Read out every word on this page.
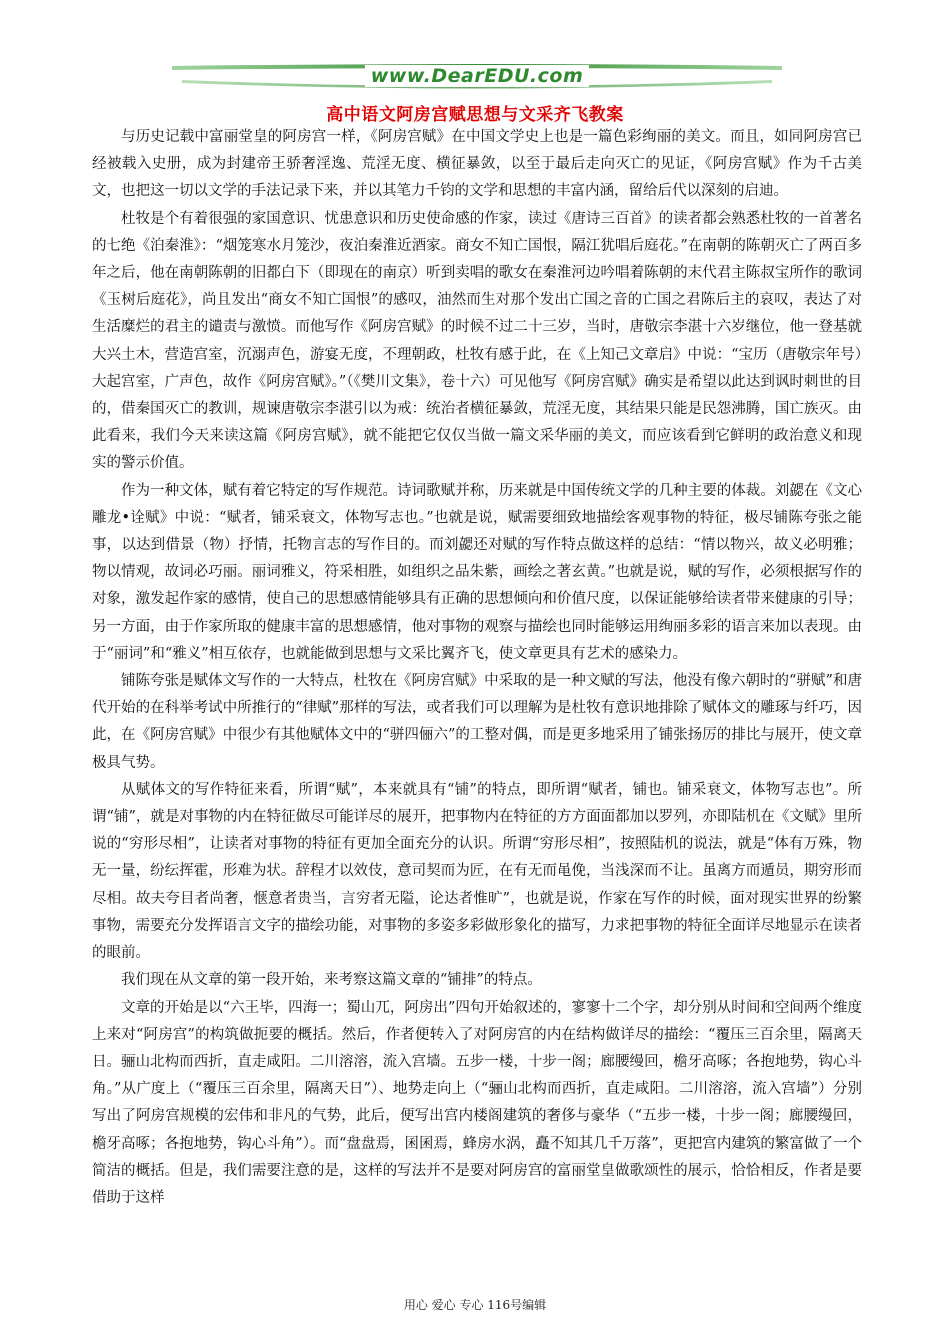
www.DearEDU.com
高中语文阿房宫赋思想与文采齐飞教案

与历史记载中富丽堂皇的阿房宫一样，《阿房宫赋》在中国文学史上也是一篇色彩绚丽的美文。而且，如同阿房宫已经被载入史册，成为封建帝王骄奢淫逸、荒淫无度、横征暴敛，以至于最后走向灭亡的见证，《阿房宫赋》作为千古美文，也把这一切以文学的手法记录下来，并以其笔力千钧的文学和思想的丰富内涵，留给后代以深刻的启迪。

杜牧是个有着很强的家国意识、忧患意识和历史使命感的作家，读过《唐诗三百首》的读者都会熟悉杜牧的一首著名的七绝《泊秦淮》：“烟笼寒水月笼沙，夜泊秦淮近酒家。商女不知亡国恨，隔江犹唱后庭花。”在南朝的陈朝灭亡了两百多年之后，他在南朝陈朝的旧都白下（即现在的南京）听到卖唱的歌女在秦淮河边吟唱着陈朝的末代君主陈叔宝所作的歌词《玉树后庭花》，尚且发出“商女不知亡国恨”的感叹，油然而生对那个发出亡国之音的亡国之君陈后主的哀叹，表达了对生活糜烂的君主的谴责与激愤。而他写作《阿房宫赋》的时候不过二十三岁，当时，唐敬宗李湛十六岁继位，他一登基就大兴土木，营造宫室，沉溺声色，游宴无度，不理朝政，杜牧有感于此，在《上知己文章启》中说：“宝历（唐敬宗年号）大起宫室，广声色，故作《阿房宫赋》。”（《樊川文集》，卷十六）可见他写《阿房宫赋》确实是希望以此达到讽时刺世的目的，借秦国灭亡的教训，规谏唐敬宗李湛引以为戒：统治者横征暴敛，荒淫无度，其结果只能是民怨沸腾，国亡族灭。由此看来，我们今天来读这篇《阿房宫赋》，就不能把它仅仅当做一篇文采华丽的美文，而应该看到它鲜明的政治意义和现实的警示价值。

作为一种文体，赋有着它特定的写作规范。诗词歌赋并称，历来就是中国传统文学的几种主要的体裁。刘勰在《文心雕龙•诠赋》中说：“赋者，铺采衰文，体物写志也。”也就是说，赋需要细致地描绘客观事物的特征，极尽铺陈夸张之能事，以达到借景（物）抒情，托物言志的写作目的。而刘勰还对赋的写作特点做这样的总结：“情以物兴，故义必明雅；物以情观，故词必巧丽。丽词雅义，符采相胜，如组织之品朱紫，画绘之著玄黄。”也就是说，赋的写作，必须根据写作的对象，激发起作家的感情，使自己的思想感情能够具有正确的思想倾向和价值尺度，以保证能够给读者带来健康的引导；另一方面，由于作家所取的健康丰富的思想感情，他对事物的观察与描绘也同时能够运用绚丽多彩的语言来加以表现。由于“丽词”和“雅义”相互依存，也就能做到思想与文采比翼齐飞，使文章更具有艺术的感染力。

铺陈夸张是赋体文写作的一大特点，杜牧在《阿房宫赋》中采取的是一种文赋的写法，他没有像六朝时的“骈赋”和唐代开始的在科举考试中所推行的“律赋”那样的写法，或者我们可以理解为是杜牧有意识地排除了赋体文的雕琢与纤巧，因此，在《阿房宫赋》中很少有其他赋体文中的“骈四俪六”的工整对偶，而是更多地采用了铺张扬厉的排比与展开，使文章极具气势。

从赋体文的写作特征来看，所谓“赋”，本来就具有“铺”的特点，即所谓“赋者，铺也。铺采衰文，体物写志也”。所谓“铺”，就是对事物的内在特征做尽可能详尽的展开，把事物内在特征的方方面面都加以罗列，亦即陆机在《文赋》里所说的“穷形尽相”，让读者对事物的特征有更加全面充分的认识。所谓“穷形尽相”，按照陆机的说法，就是“体有万殊，物无一量，纷纭挥霍，形难为状。辞程才以效伎，意司契而为匠，在有无而黾俛，当浅深而不让。虽离方而遁员，期穷形而尽相。故夫夸目者尚奢，惬意者贵当，言穷者无隘，论达者惟旷”，也就是说，作家在写作的时候，面对现实世界的纷繁事物，需要充分发挥语言文字的描绘功能，对事物的多姿多彩做形象化的描写，力求把事物的特征全面详尽地显示在读者的眼前。

我们现在从文章的第一段开始，来考察这篇文章的“铺排”的特点。

文章的开始是以“六王毕，四海一；蜀山兀，阿房出”四句开始叙述的，寥寥十二个字，却分别从时间和空间两个维度上来对“阿房宫”的构筑做扼要的概括。然后，作者便转入了对阿房宫的内在结构做详尽的描绘：“覆压三百余里，隔离天日。骊山北构而西折，直走咸阳。二川溶溶，流入宫墙。五步一楼，十步一阁；廊腰缦回，檐牙高啄；各抱地势，钩心斗角。”从广度上（“覆压三百余里，隔离天日”）、地势走向上（“骊山北构而西折，直走咸阳。二川溶溶，流入宫墙”）分别写出了阿房宫规模的宏伟和非凡的气势，此后，便写出宫内楼阁建筑的奢侈与豪华（“五步一楼，十步一阁；廊腰缦回，檐牙高啄；各抱地势，钩心斗角”）。而“盘盘焉，囷囷焉，蜂房水涡，矗不知其几千万落”，更把宫内建筑的繁富做了一个简洁的概括。但是，我们需要注意的是，这样的写法并不是要对阿房宫的富丽堂皇做歌颂性的展示，恰恰相反，作者是要借助于这样

用心 爱心 专心 116号编辑
